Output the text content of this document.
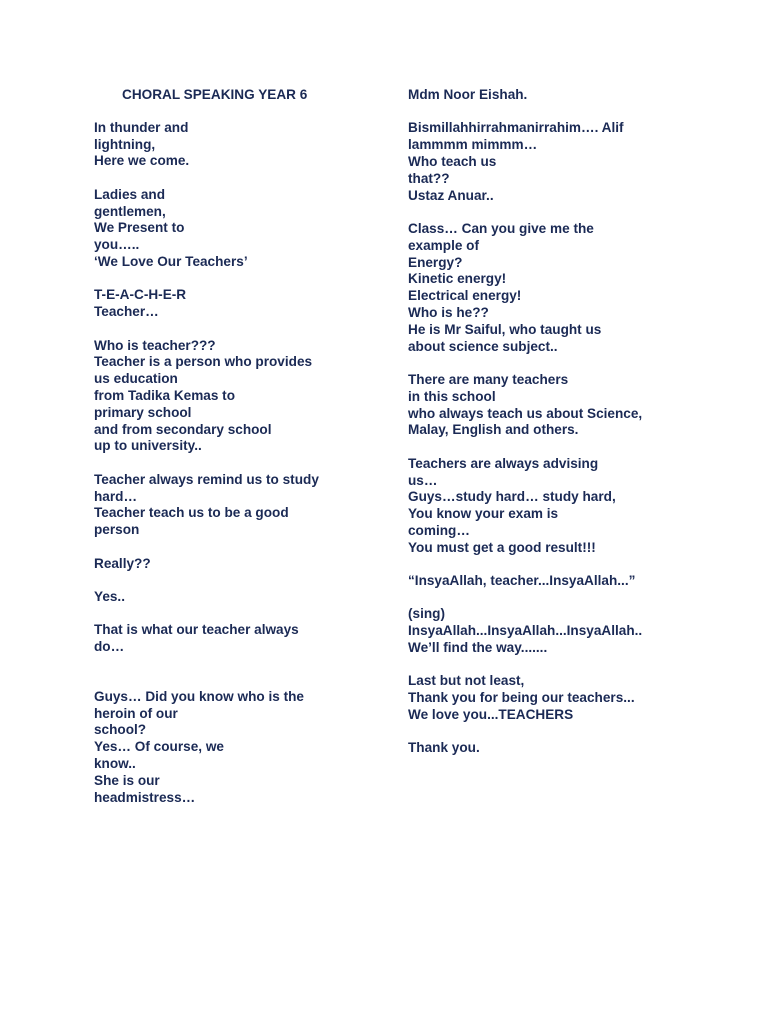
CHORAL SPEAKING YEAR 6
In thunder and
lightning,
Here we come.
Ladies and
gentlemen,
We Present to
you…..
‘We Love Our Teachers’
T-E-A-C-H-E-R
Teacher…
Who is teacher???
Teacher is a person who provides
us education
from Tadika Kemas to
primary school
and from secondary school
up to university..
Teacher always remind us to study
hard…
Teacher teach us to be a good
person
Really??
Yes..
That is what our teacher always
do…
Guys… Did you know who is the
heroin of our
school?
Yes… Of course, we
know..
She is our
headmistress…
Mdm Noor Eishah.
Bismillahhirrahmanirrahim…. Alif
lammmm mimmm…
Who teach us
that??
Ustaz Anuar..
Class… Can you give me the
example of
Energy?
Kinetic energy!
Electrical energy!
Who is he??
He is Mr Saiful, who taught us
about science subject..
There are many teachers
in this school
who always teach us about Science,
Malay, English and others.
Teachers are always advising
us…
Guys…study hard… study hard,
You know your exam is
coming…
You must get a good result!!!
“InsyaAllah, teacher...InsyaAllah...”
(sing)
InsyaAllah...InsyaAllah...InsyaAllah..
We’ll find the way.......
Last but not least,
Thank you for being our teachers...
We love you...TEACHERS
Thank you.
